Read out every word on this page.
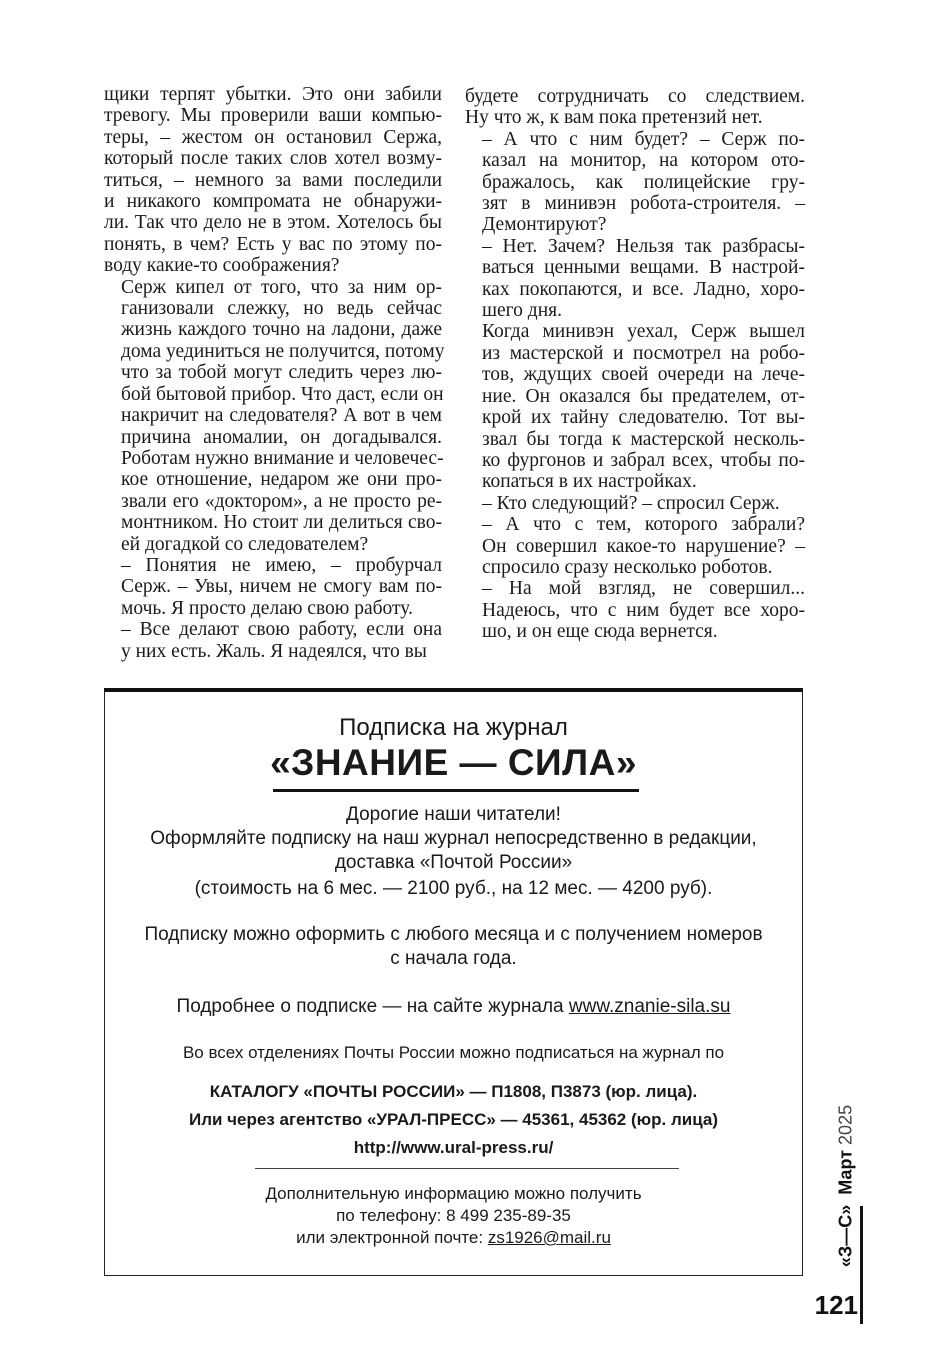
щики терпят убытки. Это они забили
тревогу. Мы проверили ваши компью-
теры, – жестом он остановил Сержа,
который после таких слов хотел возму-
титься, – немного за вами последили
и никакого компромата не обнаружи-
ли. Так что дело не в этом. Хотелось бы
понять, в чем? Есть у вас по этому по-
воду какие-то соображения?

Серж кипел от того, что за ним ор-
ганизовали слежку, но ведь сейчас
жизнь каждого точно на ладони, даже
дома уединиться не получится, потому
что за тобой могут следить через лю-
бой бытовой прибор. Что даст, если он
накричит на следователя? А вот в чем
причина аномалии, он догадывался.
Роботам нужно внимание и человечес-
кое отношение, недаром же они про-
звали его «доктором», а не просто ре-
монтником. Но стоит ли делиться сво-
ей догадкой со следователем?

– Понятия не имею, – пробурчал
Серж. – Увы, ничем не смогу вам по-
мочь. Я просто делаю свою работу.

– Все делают свою работу, если она
у них есть. Жаль. Я надеялся, что вы

будете сотрудничать со следствием.
Ну что ж, к вам пока претензий нет.

– А что с ним будет? – Серж по-
казал на монитор, на котором ото-
бражалось, как полицейские гру-
зят в минивэн робота-строителя. –
Демонтируют?

– Нет. Зачем? Нельзя так разбрасы-
ваться ценными вещами. В настрой-
ках покопаются, и все. Ладно, хоро-
шего дня.

Когда минивэн уехал, Серж вышел
из мастерской и посмотрел на робо-
тов, ждущих своей очереди на лече-
ние. Он оказался бы предателем, от-
крой их тайну следователю. Тот вы-
звал бы тогда к мастерской несколь-
ко фургонов и забрал всех, чтобы по-
копаться в их настройках.

– Кто следующий? – спросил Серж.

– А что с тем, которого забрали?
Он совершил какое-то нарушение? –
спросило сразу несколько роботов.

– На мой взгляд, не совершил...
Надеюсь, что с ним будет все хоро-
шо, и он еще сюда вернется.

Подписка на журнал
«ЗНАНИЕ — СИЛА»
Дорогие наши читатели!
Оформляйте подписку на наш журнал непосредственно в редакции,
доставка «Почтой России»
(стоимость на 6 мес. — 2100 руб., на 12 мес. — 4200 руб).
Подписку можно оформить с любого месяца и с получением номеров
с начала года.
Подробнее о подписке — на сайте журнала www.znanie-sila.su
Во всех отделениях Почты России можно подписаться на журнал по
КАТАЛОГУ «ПОЧТЫ РОССИИ» — П1808, П3873 (юр. лица).
Или через агентство «УРАЛ-ПРЕСС» — 45361, 45362 (юр. лица)
http://www.ural-press.ru/
Дополнительную информацию можно получить
по телефону: 8 499 235-89-35
или электронной почте: zs1926@mail.ru	«З—С»  Март 2025
121
